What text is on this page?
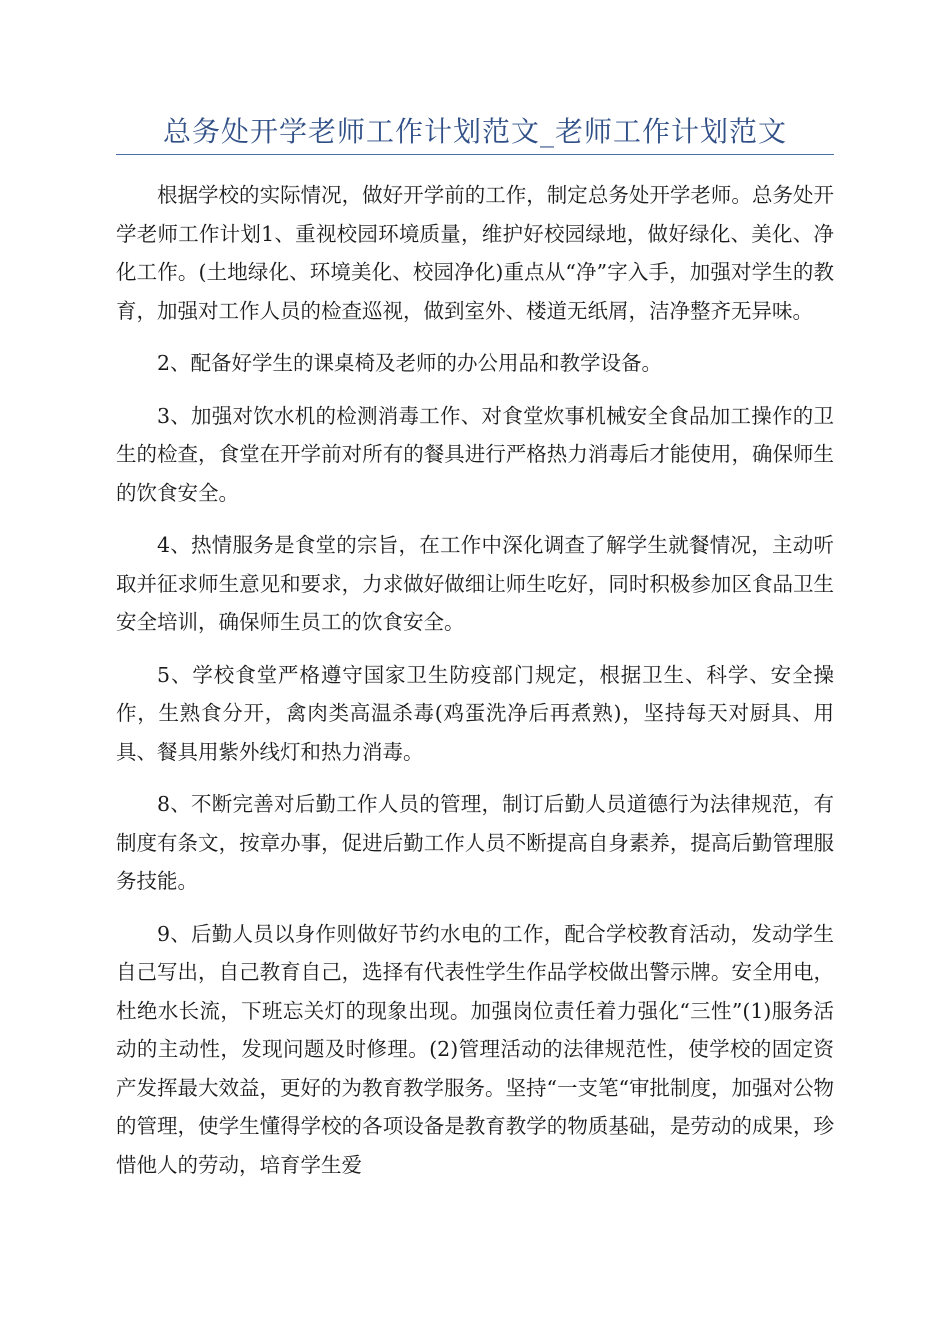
总务处开学老师工作计划范文_老师工作计划范文

根据学校的实际情况，做好开学前的工作，制定总务处开学老师。总务处开学老师工作计划1、重视校园环境质量，维护好校园绿地，做好绿化、美化、净化工作。(土地绿化、环境美化、校园净化)重点从“净”字入手，加强对学生的教育，加强对工作人员的检查巡视，做到室外、楼道无纸屑，洁净整齐无异味。

2、配备好学生的课桌椅及老师的办公用品和教学设备。

3、加强对饮水机的检测消毒工作、对食堂炊事机械安全食品加工操作的卫生的检查，食堂在开学前对所有的餐具进行严格热力消毒后才能使用，确保师生的饮食安全。

4、热情服务是食堂的宗旨，在工作中深化调查了解学生就餐情况，主动听取并征求师生意见和要求，力求做好做细让师生吃好，同时积极参加区食品卫生安全培训，确保师生员工的饮食安全。

5、学校食堂严格遵守国家卫生防疫部门规定，根据卫生、科学、安全操作，生熟食分开，禽肉类高温杀毒(鸡蛋洗净后再煮熟)，坚持每天对厨具、用具、餐具用紫外线灯和热力消毒。

8、不断完善对后勤工作人员的管理，制订后勤人员道德行为法律规范，有制度有条文，按章办事，促进后勤工作人员不断提高自身素养，提高后勤管理服务技能。

9、后勤人员以身作则做好节约水电的工作，配合学校教育活动，发动学生自己写出，自己教育自己，选择有代表性学生作品学校做出警示牌。安全用电，杜绝水长流，下班忘关灯的现象出现。加强岗位责任着力强化“三性”(1)服务活动的主动性，发现问题及时修理。(2)管理活动的法律规范性，使学校的固定资产发挥最大效益，更好的为教育教学服务。坚持“一支笔“审批制度，加强对公物的管理，使学生懂得学校的各项设备是教育教学的物质基础，是劳动的成果，珍惜他人的劳动，培育学生爱
